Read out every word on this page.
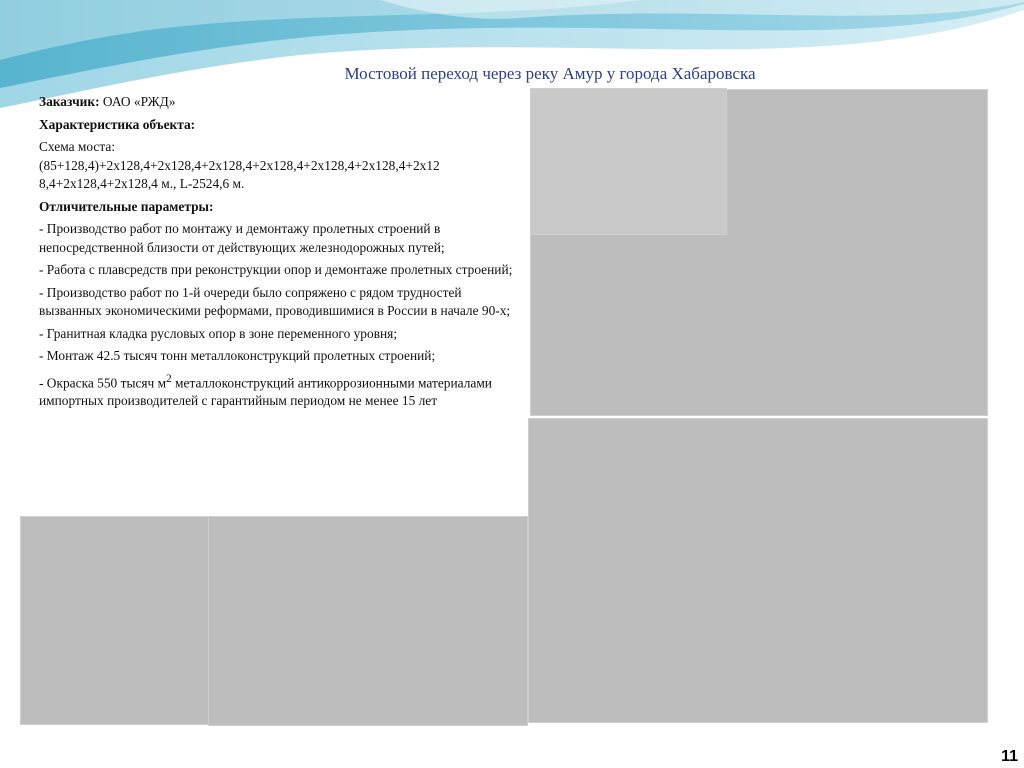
Мостовой переход через реку Амур у города Хабаровска

Заказчик: ОАО «РЖД»

Характеристика объекта:

Схема моста:
(85+128,4)+2х128,4+2х128,4+2х128,4+2х128,4+2х128,4+2х128,4+2х12
8,4+2х128,4+2х128,4 м., L-2524,6 м.

Отличительные параметры:

- Производство работ по монтажу и демонтажу пролетных строений в непосредственной близости от действующих железнодорожных путей;

- Работа с плавсредств при реконструкции опор и демонтаже пролетных строений;

- Производство работ по 1-й очереди было сопряжено с рядом трудностей вызванных экономическими реформами, проводившимися в России в начале 90-х;

- Гранитная кладка русловых опор в зоне переменного уровня;

- Монтаж 42.5 тысяч тонн металлоконструкций пролетных строений;

- Окраска 550 тысяч $м^2$ металлоконструкций антикоррозионными материалами импортных производителей с гарантийным периодом не менее 15 лет

11
